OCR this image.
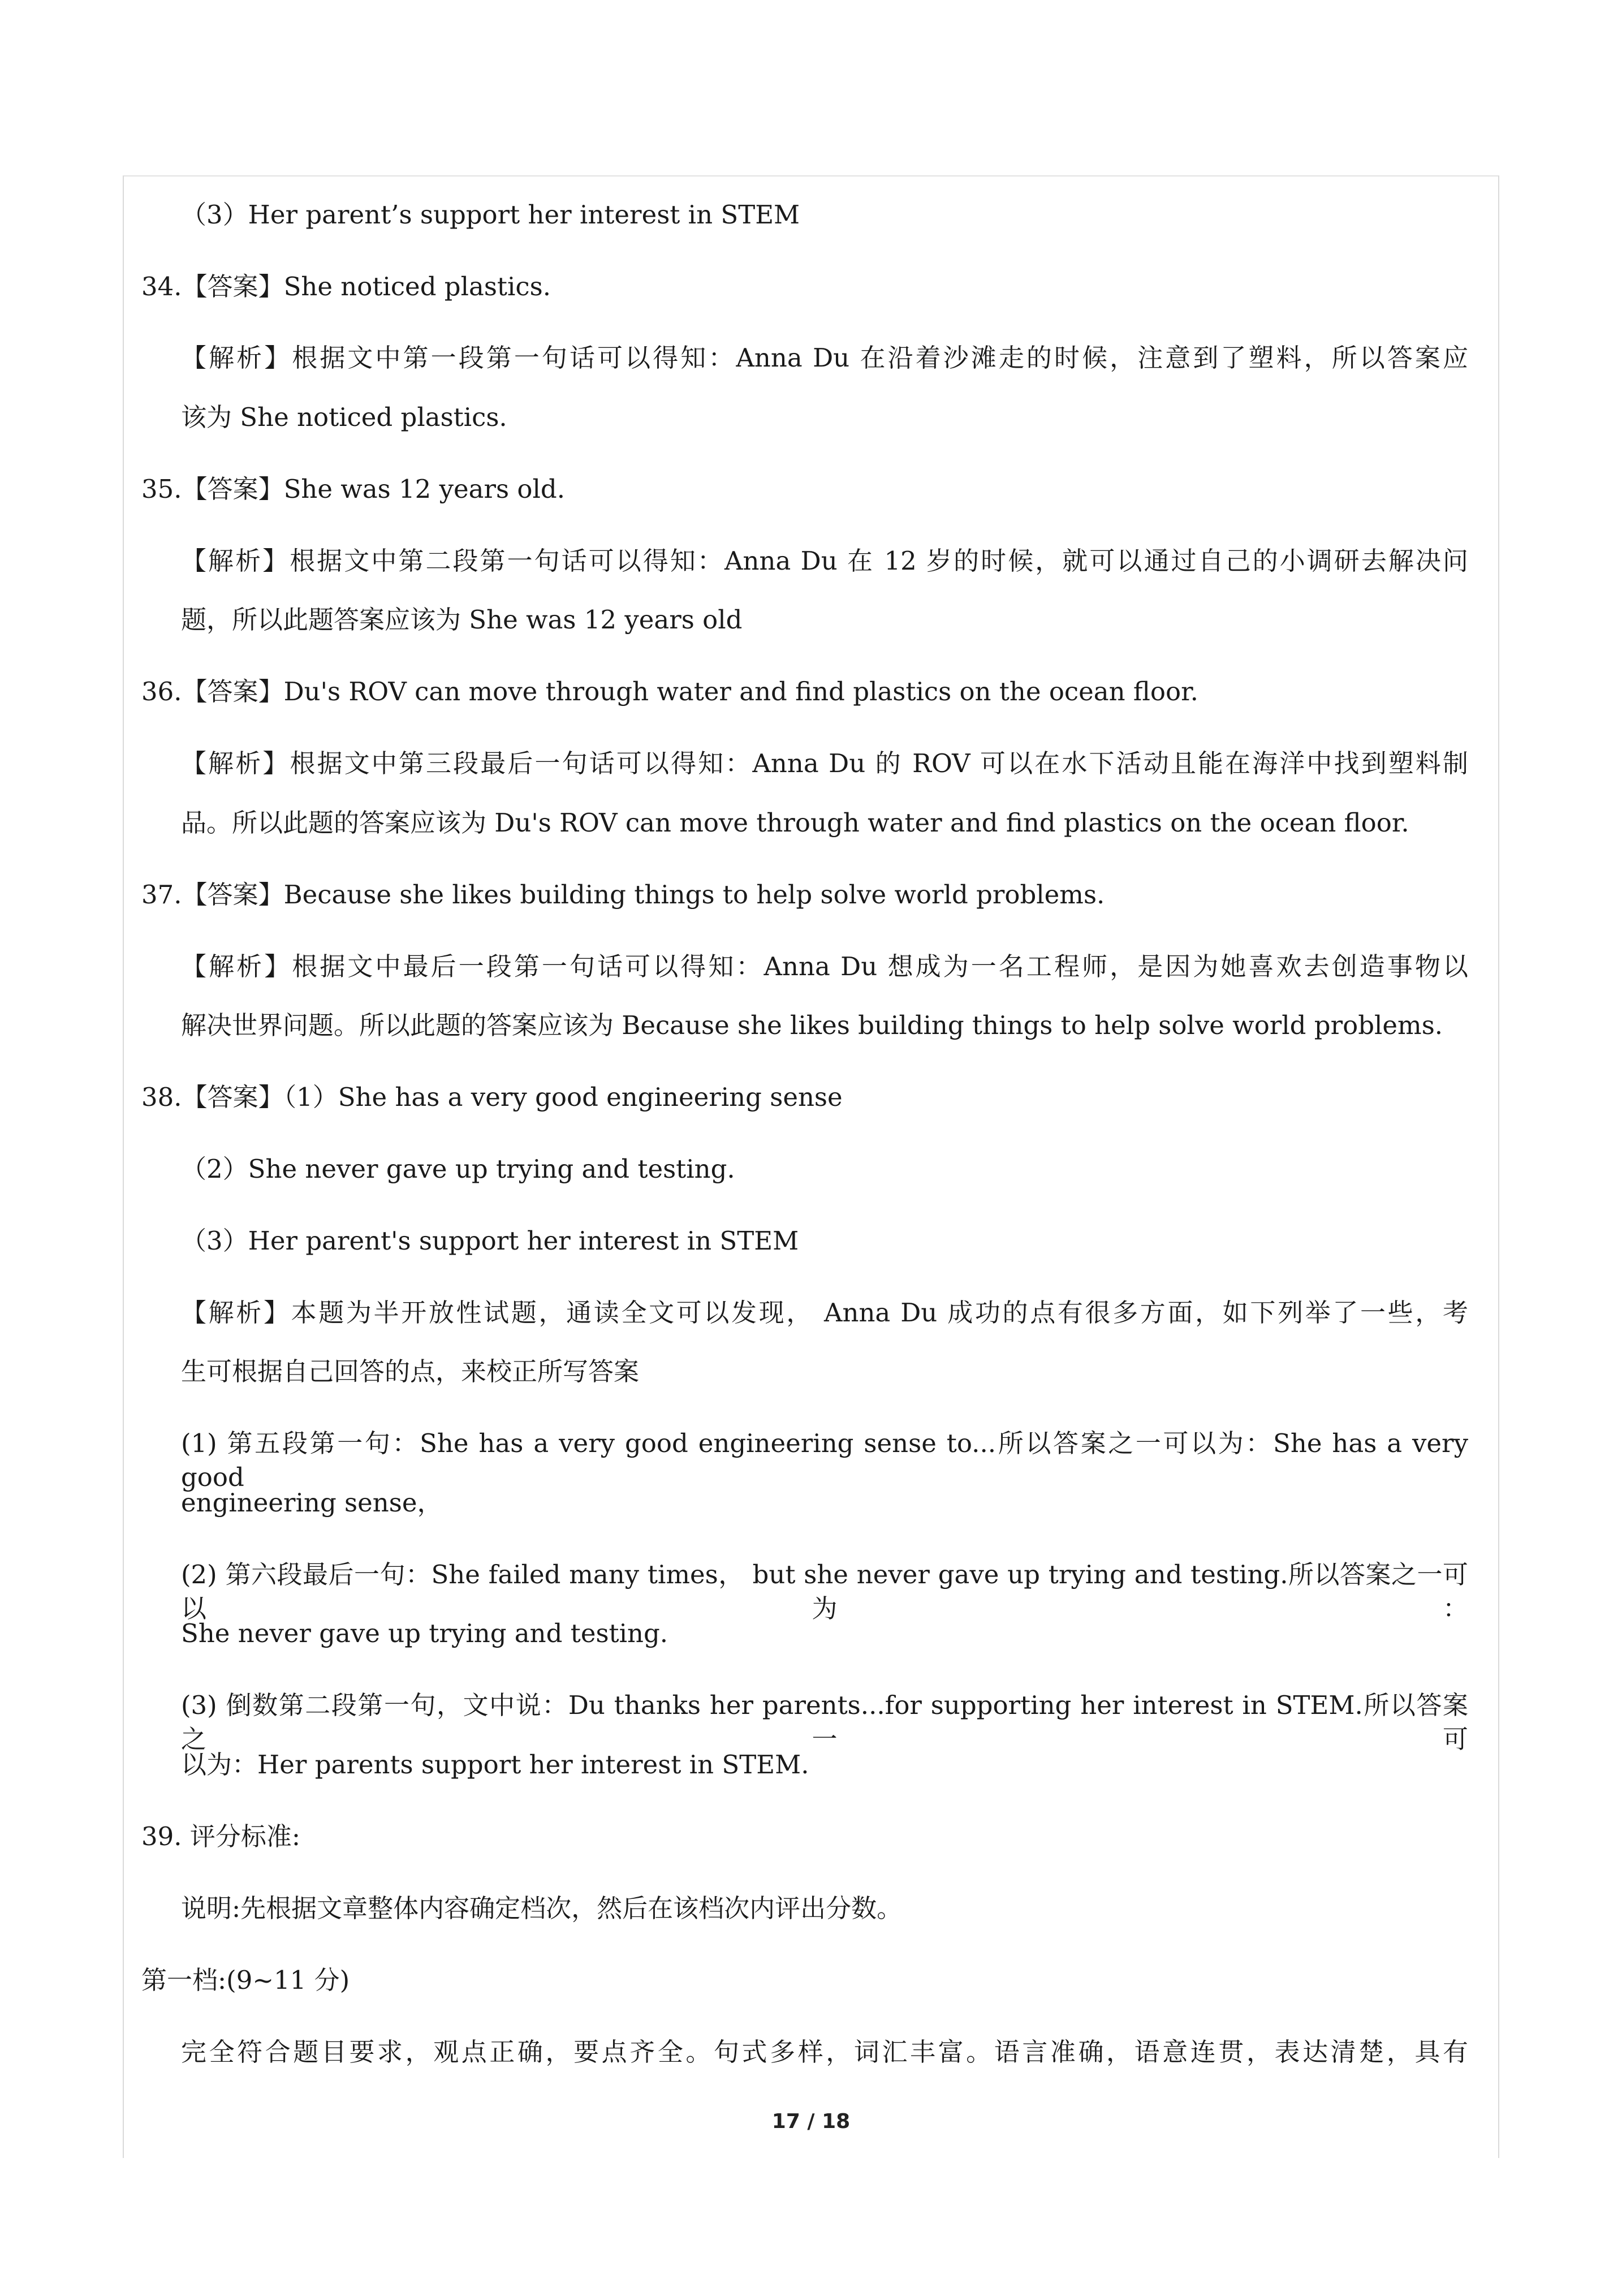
（3）Her parent’s support her interest in STEM
34.【答案】She noticed plastics.
【解析】根据文中第一段第一句话可以得知：Anna Du 在沿着沙滩走的时候，注意到了塑料，所以答案应
该为 She noticed plastics.
35.【答案】She was 12 years old.
【解析】根据文中第二段第一句话可以得知：Anna Du 在 12 岁的时候，就可以通过自己的小调研去解决问
题，所以此题答案应该为 She was 12 years old
36.【答案】Du's ROV can move through water and find plastics on the ocean floor.
【解析】根据文中第三段最后一句话可以得知：Anna Du 的 ROV 可以在水下活动且能在海洋中找到塑料制
品。所以此题的答案应该为 Du's ROV can move through water and find plastics on the ocean floor.
37.【答案】Because she likes building things to help solve world problems.
【解析】根据文中最后一段第一句话可以得知：Anna Du 想成为一名工程师，是因为她喜欢去创造事物以
解决世界问题。所以此题的答案应该为 Because she likes building things to help solve world problems.
38.【答案】（1）She has a very good engineering sense
（2）She never gave up trying and testing.
（3）Her parent's support her interest in STEM
【解析】本题为半开放性试题，通读全文可以发现， Anna Du 成功的点有很多方面，如下列举了一些，考
生可根据自己回答的点，来校正所写答案
(1) 第五段第一句：She has a very good engineering sense to...所以答案之一可以为：She has a very good
engineering sense，
(2) 第六段最后一句：She failed many times， but she never gave up trying and testing.所以答案之一可以为：
She never gave up trying and testing.
(3) 倒数第二段第一句，文中说：Du thanks her parents...for supporting her interest in STEM.所以答案之一可
以为：Her parents support her interest in STEM.
39. 评分标准:
说明:先根据文章整体内容确定档次，然后在该档次内评出分数。
第一档:(9~11 分)
完全符合题目要求，观点正确，要点齐全。句式多样，词汇丰富。语言准确，语意连贯，表达清楚，具有
17 / 18
